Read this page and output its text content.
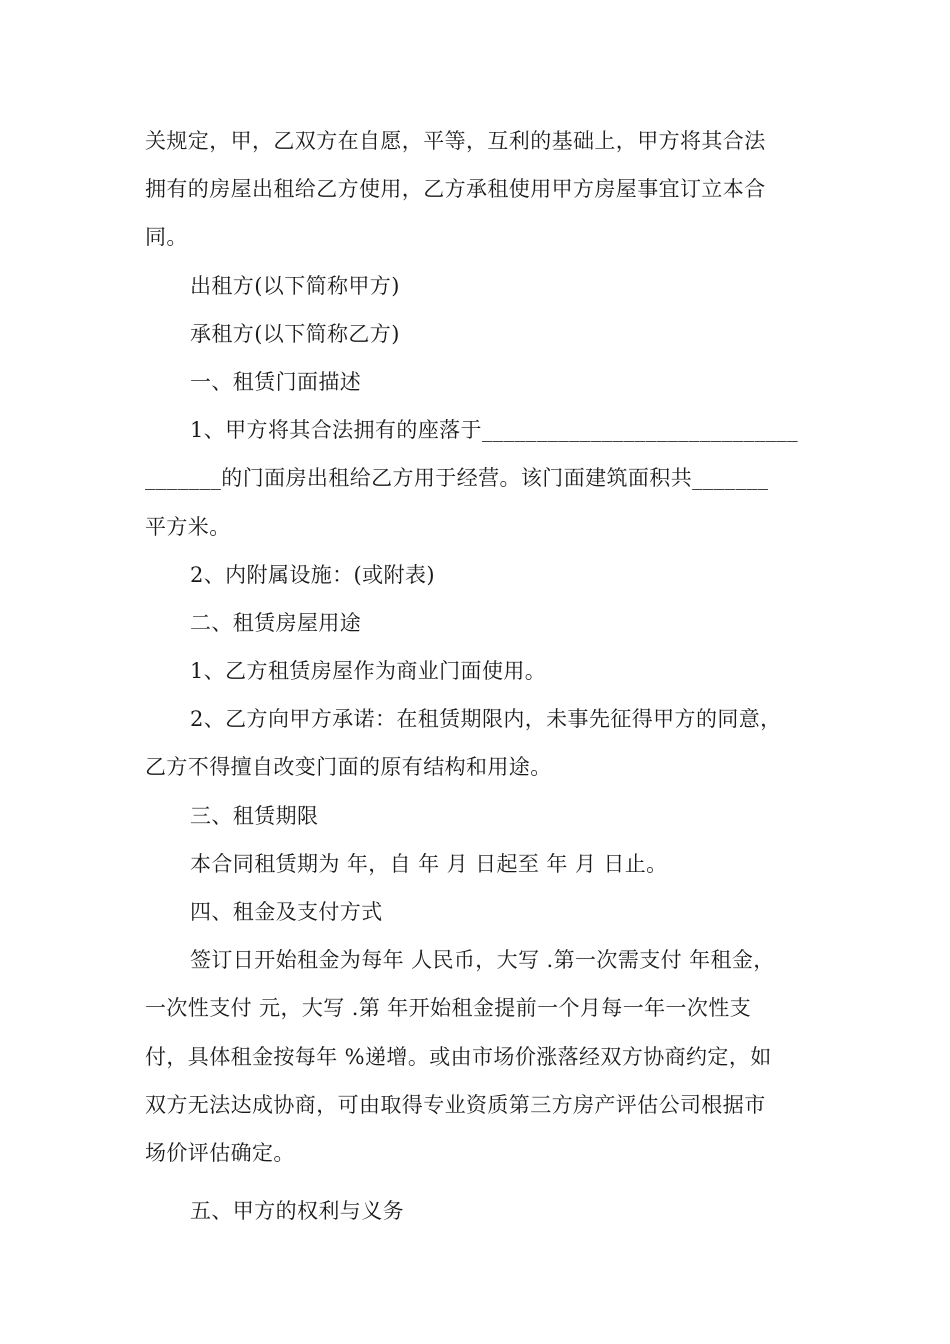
关规定，甲，乙双方在自愿，平等，互利的基础上，甲方将其合法
拥有的房屋出租给乙方使用，乙方承租使用甲方房屋事宜订立本合
同。
出租方(以下简称甲方)
承租方(以下简称乙方)
一、租赁门面描述
1、甲方将其合法拥有的座落于_____________________________
_______的门面房出租给乙方用于经营。该门面建筑面积共_______
平方米。
2、内附属设施：(或附表)
二、租赁房屋用途
1、乙方租赁房屋作为商业门面使用。
2、乙方向甲方承诺：在租赁期限内，未事先征得甲方的同意，
乙方不得擅自改变门面的原有结构和用途。
三、租赁期限
本合同租赁期为 年，自 年 月 日起至 年 月 日止。
四、租金及支付方式
签订日开始租金为每年 人民币，大写 .第一次需支付 年租金，
一次性支付 元，大写 .第 年开始租金提前一个月每一年一次性支
付，具体租金按每年 %递增。或由市场价涨落经双方协商约定，如
双方无法达成协商，可由取得专业资质第三方房产评估公司根据市
场价评估确定。
五、甲方的权利与义务
